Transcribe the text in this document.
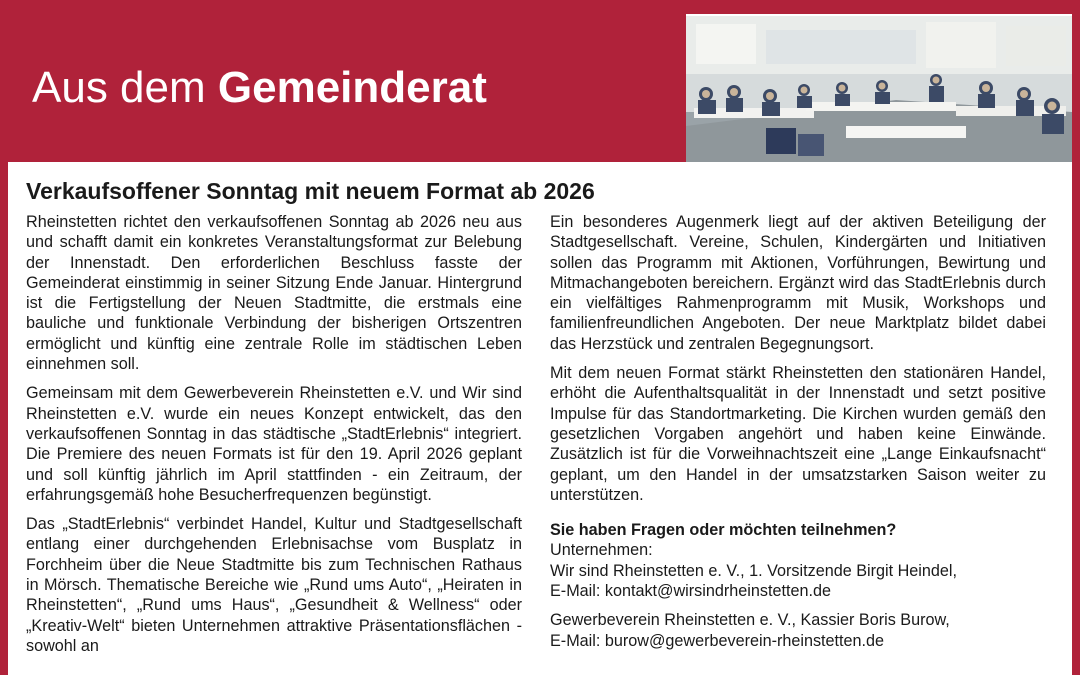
Aus dem Gemeinderat
Verkaufsoffener Sonntag mit neuem Format ab 2026

Rheinstetten richtet den verkaufsoffenen Sonntag ab 2026 neu aus und schafft damit ein konkretes Veranstaltungsformat zur Belebung der Innenstadt. Den erforderlichen Beschluss fasste der Gemeinderat einstimmig in seiner Sitzung Ende Januar. Hintergrund ist die Fertigstellung der Neuen Stadtmitte, die erstmals eine bauliche und funktionale Verbindung der bisherigen Ortszentren ermöglicht und künftig eine zentrale Rolle im städtischen Leben einnehmen soll.

Gemeinsam mit dem Gewerbeverein Rheinstetten e.V. und Wir sind Rheinstetten e.V. wurde ein neues Konzept entwickelt, das den verkaufsoffenen Sonntag in das städtische „StadtErlebnis“ integriert. Die Premiere des neuen Formats ist für den 19. April 2026 geplant und soll künftig jährlich im April stattfinden - ein Zeitraum, der erfahrungsgemäß hohe Besucherfrequenzen begünstigt.

Das „StadtErlebnis“ verbindet Handel, Kultur und Stadtgesellschaft entlang einer durchgehenden Erlebnisachse vom Busplatz in Forchheim über die Neue Stadtmitte bis zum Technischen Rathaus in Mörsch. Thematische Bereiche wie „Rund ums Auto“, „Heiraten in Rheinstetten“, „Rund ums Haus“, „Gesundheit & Wellness“ oder „Kreativ-Welt“ bieten Unternehmen attraktive Präsentationsflächen - sowohl an

Ein besonderes Augenmerk liegt auf der aktiven Beteiligung der Stadtgesellschaft. Vereine, Schulen, Kindergärten und Initiativen sollen das Programm mit Aktionen, Vorführungen, Bewirtung und Mitmachangeboten bereichern. Ergänzt wird das StadtErlebnis durch ein vielfältiges Rahmenprogramm mit Musik, Workshops und familienfreundlichen Angeboten. Der neue Marktplatz bildet dabei das Herzstück und zentralen Begegnungsort.

Mit dem neuen Format stärkt Rheinstetten den stationären Handel, erhöht die Aufenthaltsqualität in der Innenstadt und setzt positive Impulse für das Standortmarketing. Die Kirchen wurden gemäß den gesetzlichen Vorgaben angehört und haben keine Einwände. Zusätzlich ist für die Vorweihnachtszeit eine „Lange Einkaufsnacht“ geplant, um den Handel in der umsatzstarken Saison weiter zu unterstützen.

Sie haben Fragen oder möchten teilnehmen?

Unternehmen:
Wir sind Rheinstetten e. V., 1. Vorsitzende Birgit Heindel,
E-Mail: kontakt@wirsindrheinstetten.de
Gewerbeverein Rheinstetten e. V., Kassier Boris Burow,
E-Mail: burow@gewerbeverein-rheinstetten.de
